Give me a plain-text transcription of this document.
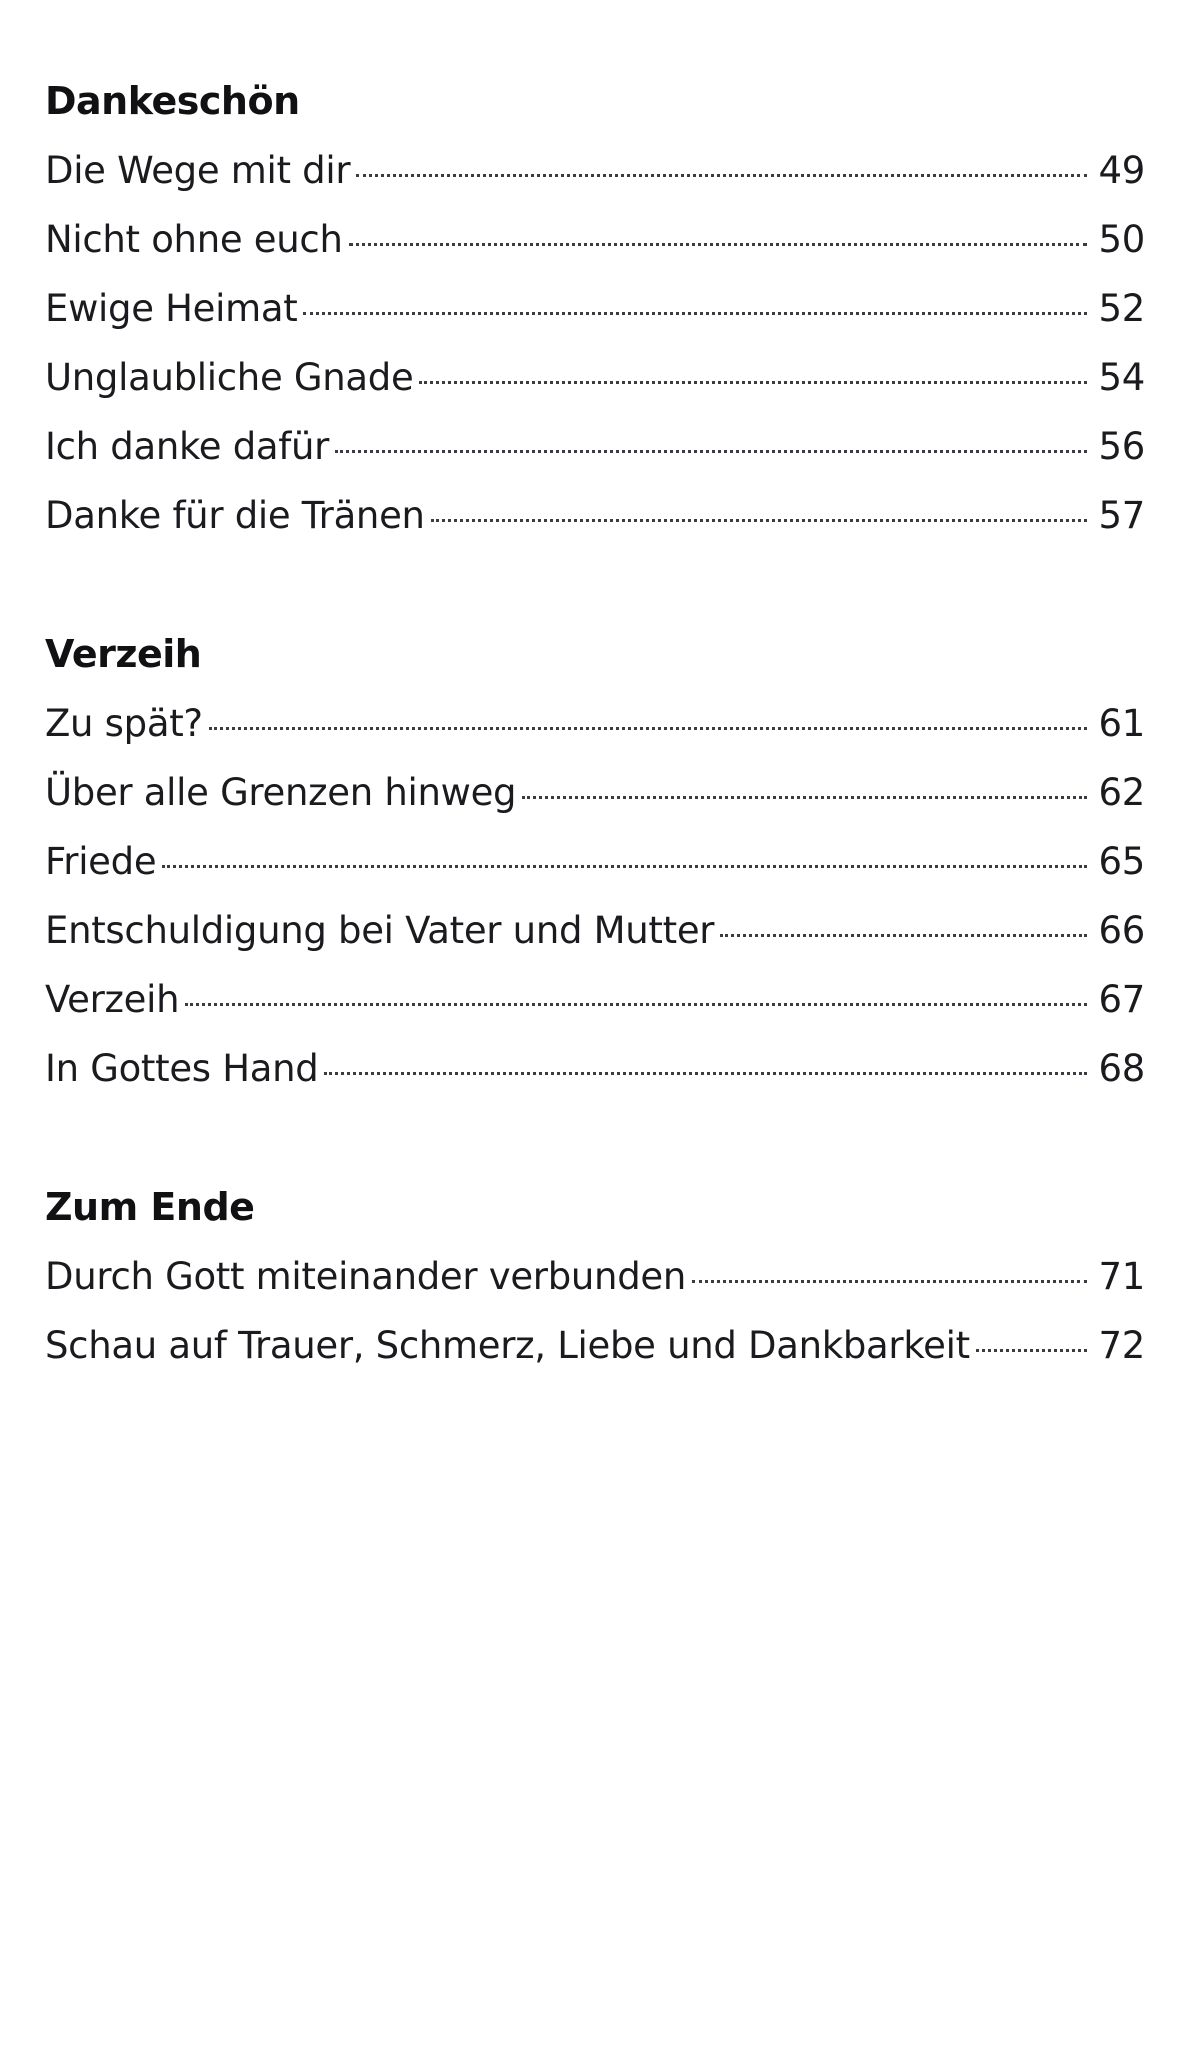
Dankeschön
Die Wege mit dir	49
Nicht ohne euch	50
Ewige Heimat	52
Unglaubliche Gnade	54
Ich danke dafür	56
Danke für die Tränen	57
Verzeih
Zu spät?	61
Über alle Grenzen hinweg	62
Friede	65
Entschuldigung bei Vater und Mutter	66
Verzeih	67
In Gottes Hand	68
Zum Ende
Durch Gott miteinander verbunden	71
Schau auf Trauer, Schmerz, Liebe und Dankbarkeit	72
